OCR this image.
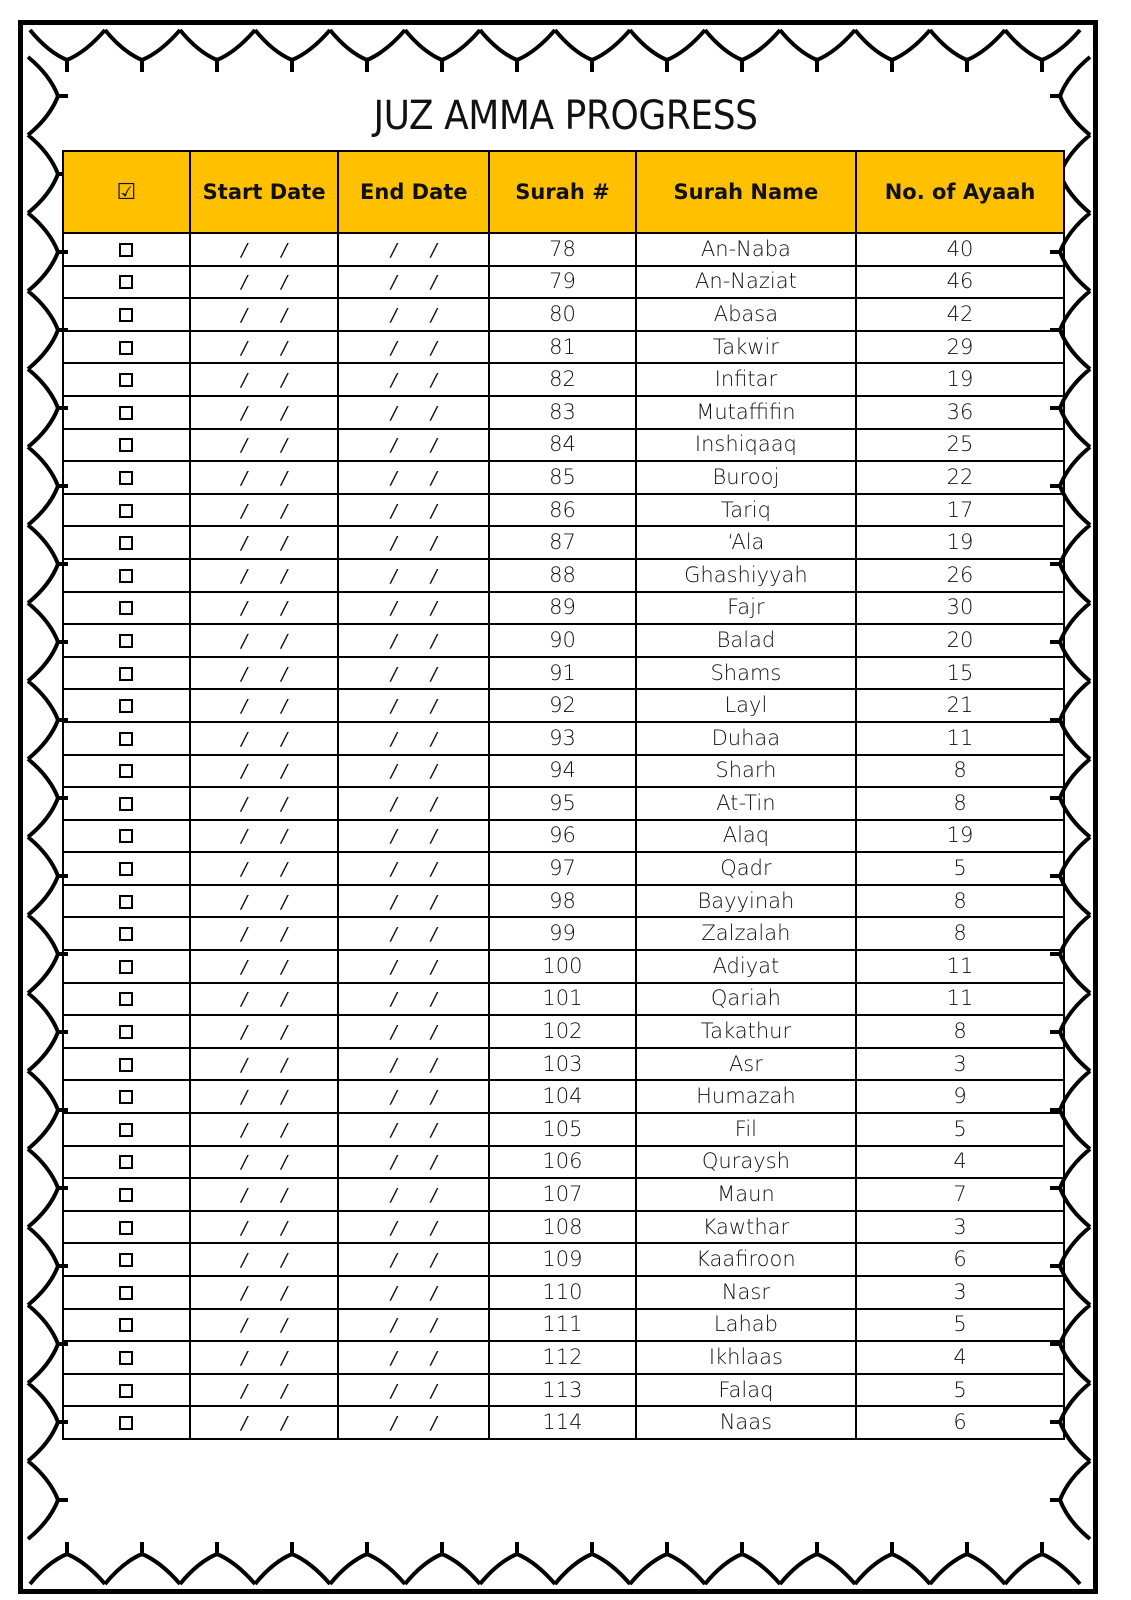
JUZ AMMA PROGRESS
☑	Start Date	End Date	Surah #	Surah Name	No. of Ayaah
	/ /	/ /	78	An-Naba	40
	/ /	/ /	79	An-Naziat	46
	/ /	/ /	80	Abasa	42
	/ /	/ /	81	Takwir	29
	/ /	/ /	82	Infitar	19
	/ /	/ /	83	Mutaffifin	36
	/ /	/ /	84	Inshiqaaq	25
	/ /	/ /	85	Burooj	22
	/ /	/ /	86	Tariq	17
	/ /	/ /	87	‘Ala	19
	/ /	/ /	88	Ghashiyyah	26
	/ /	/ /	89	Fajr	30
	/ /	/ /	90	Balad	20
	/ /	/ /	91	Shams	15
	/ /	/ /	92	Layl	21
	/ /	/ /	93	Duhaa	11
	/ /	/ /	94	Sharh	8
	/ /	/ /	95	At-Tin	8
	/ /	/ /	96	Alaq	19
	/ /	/ /	97	Qadr	5
	/ /	/ /	98	Bayyinah	8
	/ /	/ /	99	Zalzalah	8
	/ /	/ /	100	Adiyat	11
	/ /	/ /	101	Qariah	11
	/ /	/ /	102	Takathur	8
	/ /	/ /	103	Asr	3
	/ /	/ /	104	Humazah	9
	/ /	/ /	105	Fil	5
	/ /	/ /	106	Quraysh	4
	/ /	/ /	107	Maun	7
	/ /	/ /	108	Kawthar	3
	/ /	/ /	109	Kaafiroon	6
	/ /	/ /	110	Nasr	3
	/ /	/ /	111	Lahab	5
	/ /	/ /	112	Ikhlaas	4
	/ /	/ /	113	Falaq	5
	/ /	/ /	114	Naas	6
